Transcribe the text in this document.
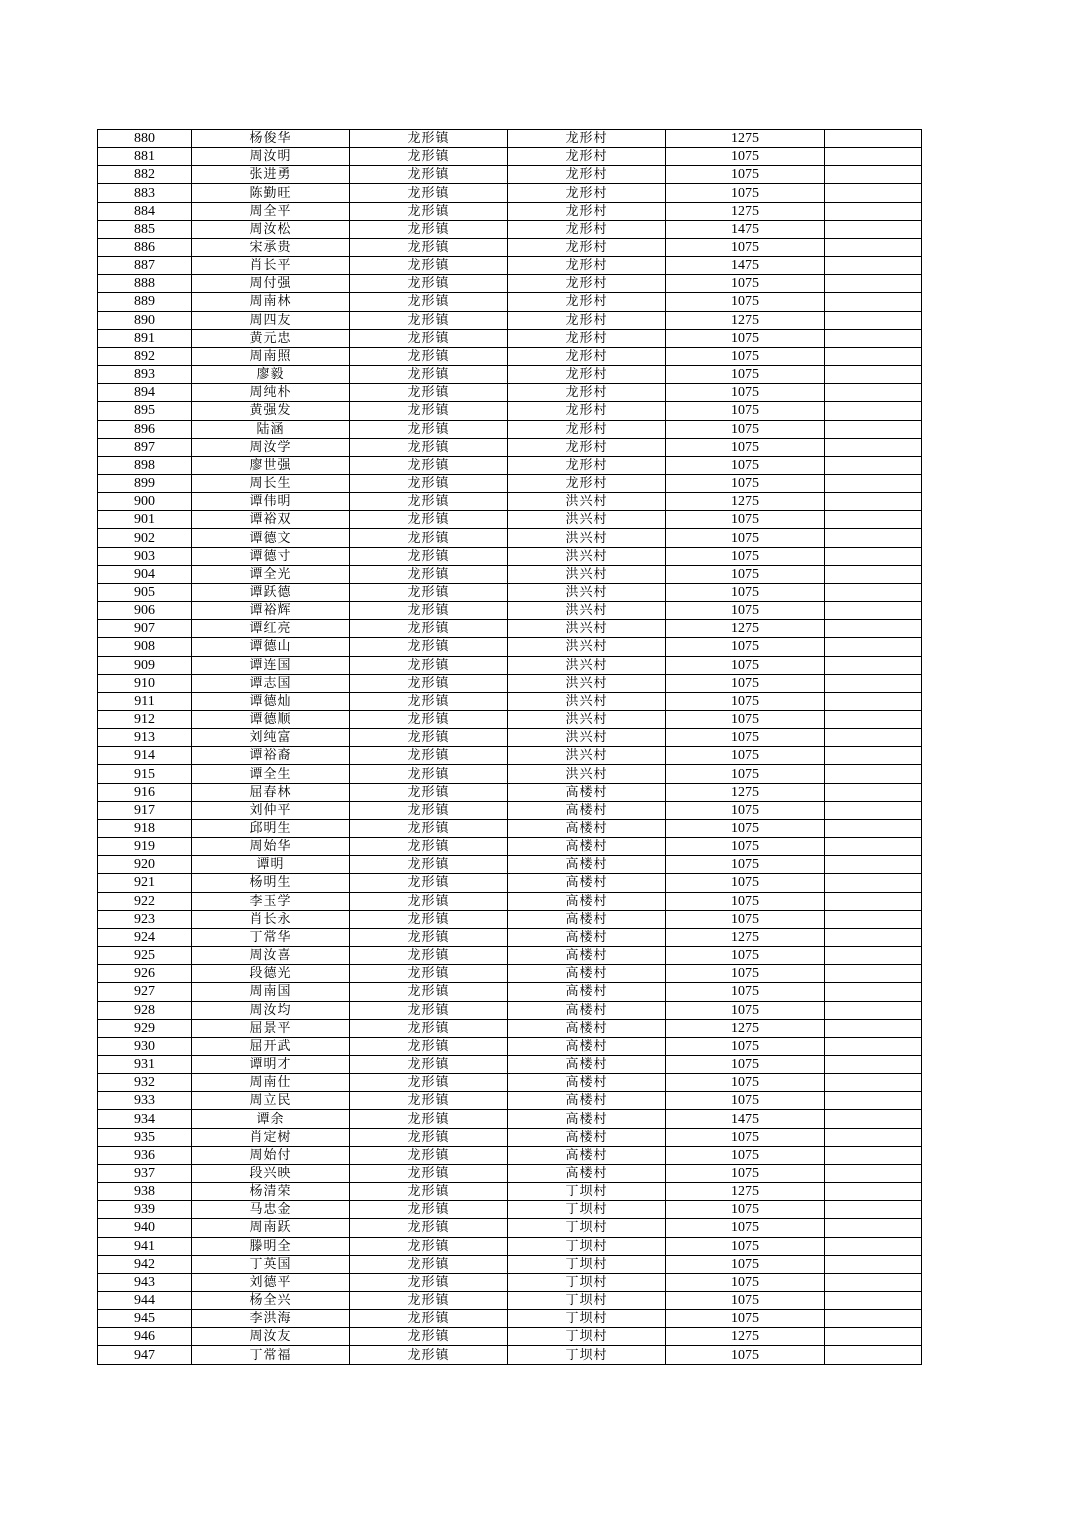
880	杨俊华	龙形镇	龙形村	1275	
881	周汝明	龙形镇	龙形村	1075	
882	张进勇	龙形镇	龙形村	1075	
883	陈勤旺	龙形镇	龙形村	1075	
884	周全平	龙形镇	龙形村	1275	
885	周汝松	龙形镇	龙形村	1475	
886	宋承贵	龙形镇	龙形村	1075	
887	肖长平	龙形镇	龙形村	1475	
888	周付强	龙形镇	龙形村	1075	
889	周南林	龙形镇	龙形村	1075	
890	周四友	龙形镇	龙形村	1275	
891	黄元忠	龙形镇	龙形村	1075	
892	周南照	龙形镇	龙形村	1075	
893	廖毅	龙形镇	龙形村	1075	
894	周纯朴	龙形镇	龙形村	1075	
895	黄强发	龙形镇	龙形村	1075	
896	陆涵	龙形镇	龙形村	1075	
897	周汝学	龙形镇	龙形村	1075	
898	廖世强	龙形镇	龙形村	1075	
899	周长生	龙形镇	龙形村	1075	
900	谭伟明	龙形镇	洪兴村	1275	
901	谭裕双	龙形镇	洪兴村	1075	
902	谭德文	龙形镇	洪兴村	1075	
903	谭德寸	龙形镇	洪兴村	1075	
904	谭全光	龙形镇	洪兴村	1075	
905	谭跃德	龙形镇	洪兴村	1075	
906	谭裕辉	龙形镇	洪兴村	1075	
907	谭红亮	龙形镇	洪兴村	1275	
908	谭德山	龙形镇	洪兴村	1075	
909	谭连国	龙形镇	洪兴村	1075	
910	谭志国	龙形镇	洪兴村	1075	
911	谭德灿	龙形镇	洪兴村	1075	
912	谭德顺	龙形镇	洪兴村	1075	
913	刘纯富	龙形镇	洪兴村	1075	
914	谭裕裔	龙形镇	洪兴村	1075	
915	谭全生	龙形镇	洪兴村	1075	
916	屈春林	龙形镇	高楼村	1275	
917	刘仲平	龙形镇	高楼村	1075	
918	邱明生	龙形镇	高楼村	1075	
919	周始华	龙形镇	高楼村	1075	
920	谭明	龙形镇	高楼村	1075	
921	杨明生	龙形镇	高楼村	1075	
922	李玉学	龙形镇	高楼村	1075	
923	肖长永	龙形镇	高楼村	1075	
924	丁常华	龙形镇	高楼村	1275	
925	周汝喜	龙形镇	高楼村	1075	
926	段德光	龙形镇	高楼村	1075	
927	周南国	龙形镇	高楼村	1075	
928	周汝均	龙形镇	高楼村	1075	
929	屈景平	龙形镇	高楼村	1275	
930	屈开武	龙形镇	高楼村	1075	
931	谭明才	龙形镇	高楼村	1075	
932	周南仕	龙形镇	高楼村	1075	
933	周立民	龙形镇	高楼村	1075	
934	谭余	龙形镇	高楼村	1475	
935	肖定树	龙形镇	高楼村	1075	
936	周始付	龙形镇	高楼村	1075	
937	段兴映	龙形镇	高楼村	1075	
938	杨清荣	龙形镇	丁坝村	1275	
939	马忠金	龙形镇	丁坝村	1075	
940	周南跃	龙形镇	丁坝村	1075	
941	滕明全	龙形镇	丁坝村	1075	
942	丁英国	龙形镇	丁坝村	1075	
943	刘德平	龙形镇	丁坝村	1075	
944	杨全兴	龙形镇	丁坝村	1075	
945	李洪海	龙形镇	丁坝村	1075	
946	周汝友	龙形镇	丁坝村	1275	
947	丁常福	龙形镇	丁坝村	1075	
